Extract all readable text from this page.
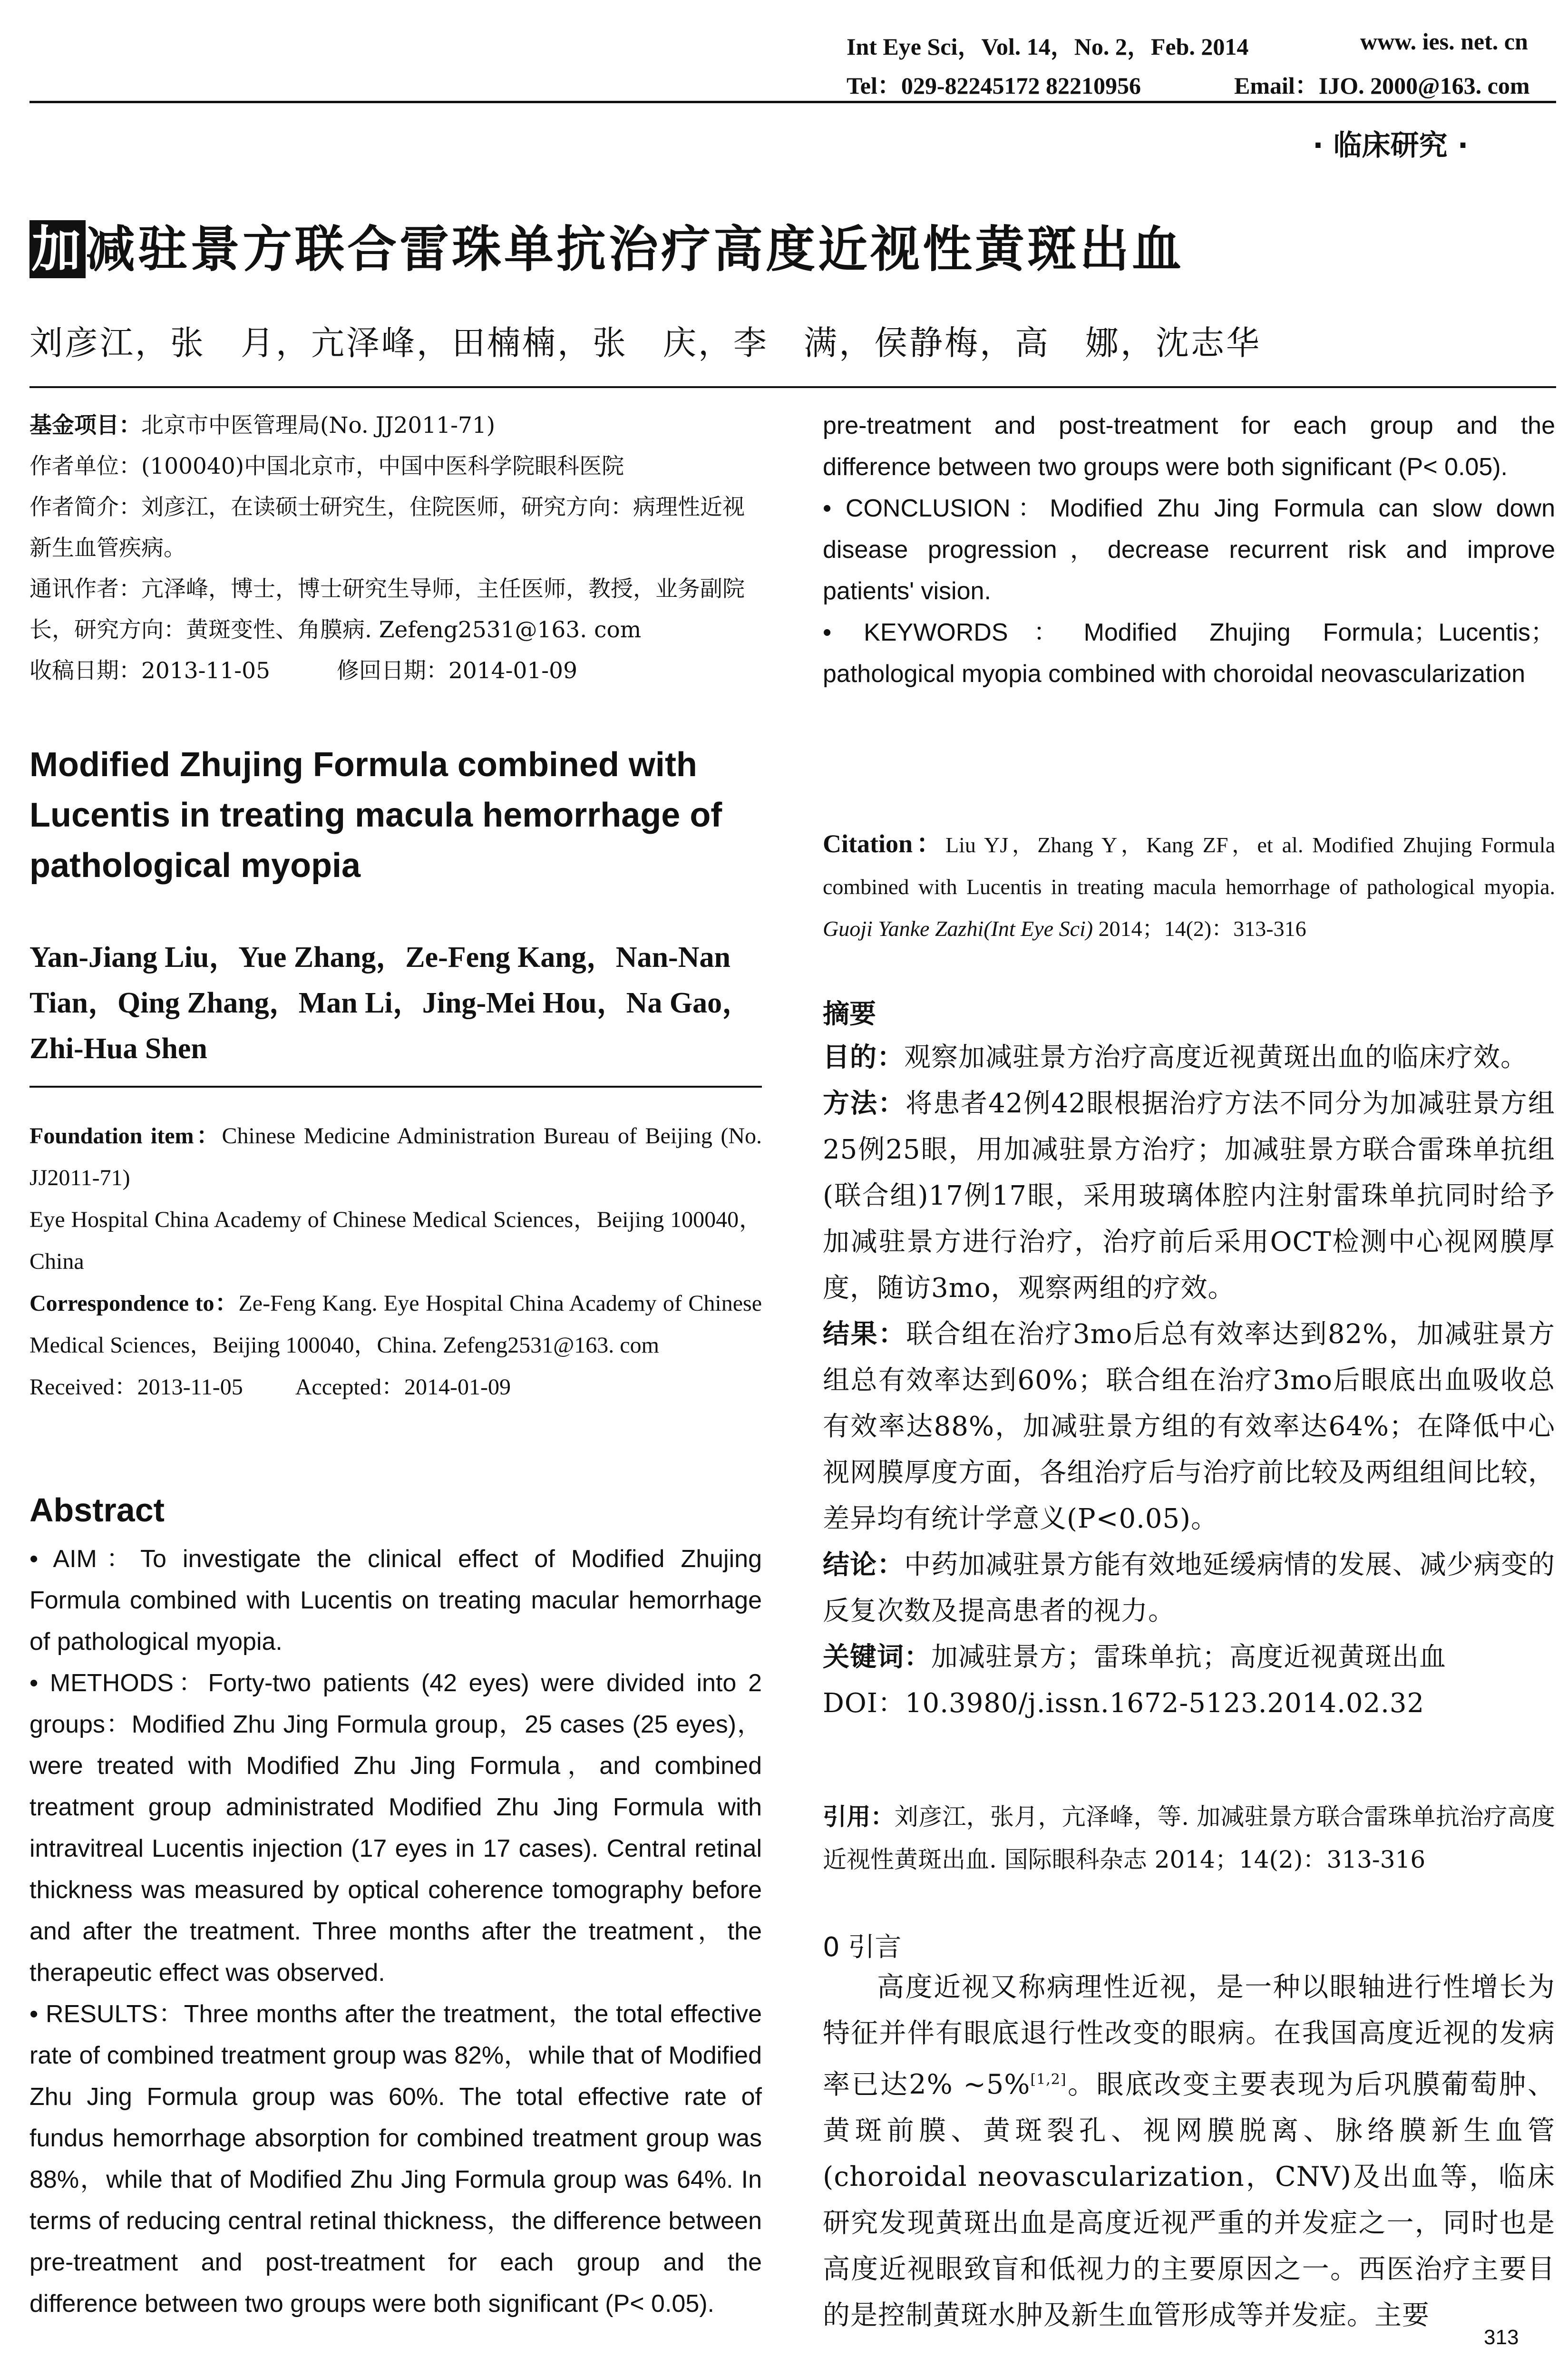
Int Eye Sci，Vol. 14，No. 2，Feb. 2014	www. ies. net. cn
Tel：029-82245172 82210956	Email：IJO. 2000@163. com
· 临床研究 ·
加减驻景方联合雷珠单抗治疗高度近视性黄斑出血
刘彦江，张　月，亢泽峰，田楠楠，张　庆，李　满，侯静梅，高　娜，沈志华
基金项目：北京市中医管理局(No. JJ2011-71)
作者单位：(100040)中国北京市，中国中医科学院眼科医院
作者简介：刘彦江，在读硕士研究生，住院医师，研究方向：病理性近视新生血管疾病。
通讯作者：亢泽峰，博士，博士研究生导师，主任医师，教授，业务副院长，研究方向：黄斑变性、角膜病. Zefeng2531@163. com
收稿日期：2013-11-05	修回日期：2014-01-09
Modified Zhujing Formula combined with Lucentis in treating macula hemorrhage of pathological myopia
Yan-Jiang Liu，Yue Zhang，Ze-Feng Kang，Nan-Nan Tian，Qing Zhang，Man Li，Jing-Mei Hou，Na Gao，Zhi-Hua Shen
Foundation item：Chinese Medicine Administration Bureau of Beijing (No. JJ2011-71)
Eye Hospital China Academy of Chinese Medical Sciences，Beijing 100040，China
Correspondence to：Ze-Feng Kang. Eye Hospital China Academy of Chinese Medical Sciences，Beijing 100040，China. Zefeng2531@163. com
Received：2013-11-05 Accepted：2014-01-09
Abstract

• AIM：To investigate the clinical effect of Modified Zhujing Formula combined with Lucentis on treating macular hemorrhage of pathological myopia.

• METHODS：Forty-two patients (42 eyes) were divided into 2 groups：Modified Zhu Jing Formula group，25 cases (25 eyes)，were treated with Modified Zhu Jing Formula，and combined treatment group administrated Modified Zhu Jing Formula with intravitreal Lucentis injection (17 eyes in 17 cases). Central retinal thickness was measured by optical coherence tomography before and after the treatment. Three months after the treatment，the therapeutic effect was observed.

• RESULTS：Three months after the treatment，the total effective rate of combined treatment group was 82%，while that of Modified Zhu Jing Formula group was 60%. The total effective rate of fundus hemorrhage absorption for combined treatment group was 88%，while that of Modified Zhu Jing Formula group was 64%. In terms of reducing central retinal thickness，the difference between pre-treatment and post-treatment for each group and the difference between two groups were both significant (P< 0.05).

pre-treatment and post-treatment for each group and the difference between two groups were both significant (P< 0.05).

• CONCLUSION：Modified Zhu Jing Formula can slow down disease progression，decrease recurrent risk and improve patients' vision.

• KEYWORDS：Modified Zhujing Formula；Lucentis；pathological myopia combined with choroidal neovascularization

Citation：Liu YJ，Zhang Y，Kang ZF，et al. Modified Zhujing Formula combined with Lucentis in treating macula hemorrhage of pathological myopia. Guoji Yanke Zazhi(Int Eye Sci) 2014；14(2)：313-316
摘要

目的：观察加减驻景方治疗高度近视黄斑出血的临床疗效。

方法：将患者42例42眼根据治疗方法不同分为加减驻景方组25例25眼，用加减驻景方治疗；加减驻景方联合雷珠单抗组(联合组)17例17眼，采用玻璃体腔内注射雷珠单抗同时给予加减驻景方进行治疗，治疗前后采用OCT检测中心视网膜厚度，随访3mo，观察两组的疗效。

结果：联合组在治疗3mo后总有效率达到82%，加减驻景方组总有效率达到60%；联合组在治疗3mo后眼底出血吸收总有效率达88%，加减驻景方组的有效率达64%；在降低中心视网膜厚度方面，各组治疗后与治疗前比较及两组组间比较，差异均有统计学意义(P<0.05)。

结论：中药加减驻景方能有效地延缓病情的发展、减少病变的反复次数及提高患者的视力。

关键词：加减驻景方；雷珠单抗；高度近视黄斑出血

DOI：10.3980/j.issn.1672-5123.2014.02.32

引用：刘彦江，张月，亢泽峰，等. 加减驻景方联合雷珠单抗治疗高度近视性黄斑出血. 国际眼科杂志 2014；14(2)：313-316
0 引言
高度近视又称病理性近视，是一种以眼轴进行性增长为特征并伴有眼底退行性改变的眼病。在我国高度近视的发病率已达2% ~5%[1,2]。眼底改变主要表现为后巩膜葡萄肿、黄斑前膜、黄斑裂孔、视网膜脱离、脉络膜新生血管(choroidal neovascularization，CNV)及出血等，临床研究发现黄斑出血是高度近视严重的并发症之一，同时也是高度近视眼致盲和低视力的主要原因之一。西医治疗主要目的是控制黄斑水肿及新生血管形成等并发症。主要
313
